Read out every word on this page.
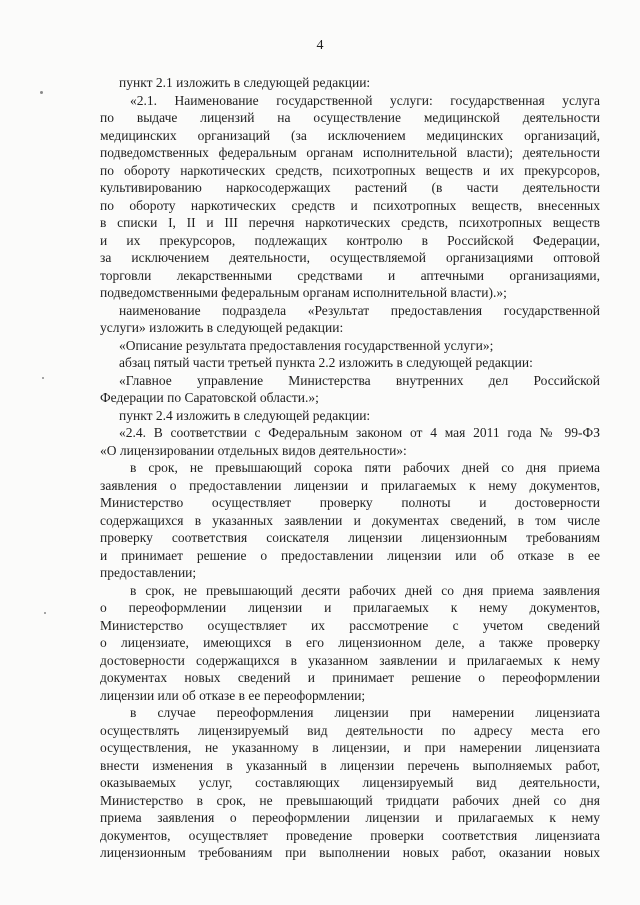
4
пункт 2.1 изложить в следующей редакции:
«2.1. Наименование государственной услуги: государственная услуга
по выдаче лицензий на осуществление медицинской деятельности
медицинских организаций (за исключением медицинских организаций,
подведомственных федеральным органам исполнительной власти); деятельности
по обороту наркотических средств, психотропных веществ и их прекурсоров,
культивированию наркосодержащих растений (в части деятельности
по обороту наркотических средств и психотропных веществ, внесенных
в списки I, II и III перечня наркотических средств, психотропных веществ
и их прекурсоров, подлежащих контролю в Российской Федерации,
за исключением деятельности, осуществляемой организациями оптовой
торговли лекарственными средствами и аптечными организациями,
подведомственными федеральным органам исполнительной власти).»;
наименование подраздела «Результат предоставления государственной
услуги» изложить в следующей редакции:
«Описание результата предоставления государственной услуги»;
абзац пятый части третьей пункта 2.2 изложить в следующей редакции:
«Главное управление Министерства внутренних дел Российской
Федерации по Саратовской области.»;
пункт 2.4 изложить в следующей редакции:
«2.4. В соответствии с Федеральным законом от 4 мая 2011 года № 99-ФЗ
«О лицензировании отдельных видов деятельности»:
в срок, не превышающий сорока пяти рабочих дней со дня приема
заявления о предоставлении лицензии и прилагаемых к нему документов,
Министерство осуществляет проверку полноты и достоверности
содержащихся в указанных заявлении и документах сведений, в том числе
проверку соответствия соискателя лицензии лицензионным требованиям
и принимает решение о предоставлении лицензии или об отказе в ее
предоставлении;
в срок, не превышающий десяти рабочих дней со дня приема заявления
о переоформлении лицензии и прилагаемых к нему документов,
Министерство осуществляет их рассмотрение с учетом сведений
о лицензиате, имеющихся в его лицензионном деле, а также проверку
достоверности содержащихся в указанном заявлении и прилагаемых к нему
документах новых сведений и принимает решение о переоформлении
лицензии или об отказе в ее переоформлении;
в случае переоформления лицензии при намерении лицензиата
осуществлять лицензируемый вид деятельности по адресу места его
осуществления, не указанному в лицензии, и при намерении лицензиата
внести изменения в указанный в лицензии перечень выполняемых работ,
оказываемых услуг, составляющих лицензируемый вид деятельности,
Министерство в срок, не превышающий тридцати рабочих дней со дня
приема заявления о переоформлении лицензии и прилагаемых к нему
документов, осуществляет проведение проверки соответствия лицензиата
лицензионным требованиям при выполнении новых работ, оказании новых
